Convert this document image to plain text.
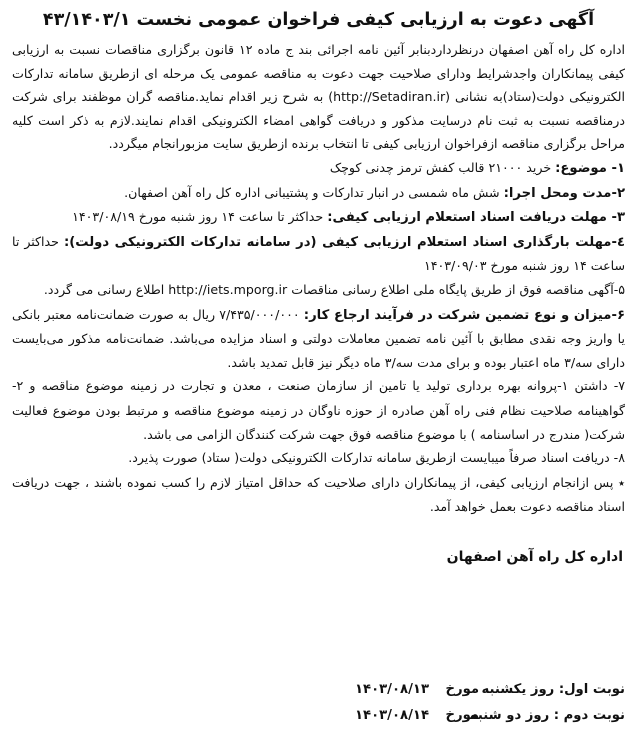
آگهی دعوت به ارزیابی کیفی فراخوان عمومی نخست ۴۳/۱۴۰۳/۱

اداره کل راه آهن اصفهان درنظرداردبنابر آئین نامه اجرائی بند ج ماده ۱۲ قانون برگزاری مناقصات نسبت به ارزیابی کیفی پیمانکاران واجدشرایط ودارای صلاحیت جهت دعوت به مناقصه عمومی یک مرحله ای ازطریق سامانه تدارکات الکترونیکی دولت(ستاد)به نشانی (http://Setadiran.ir) به شرح زیر اقدام نماید.مناقصه گران موظفند برای شرکت درمناقصه نسبت به ثبت نام درسایت مذکور و دریافت گواهی امضاء الکترونیکی اقدام نمایند.لازم به ذکر است کلیه مراحل برگزاری مناقصه ازفراخوان ارزیابی کیفی تا انتخاب برنده ازطریق سایت مزبورانجام میگردد.

۱- موضوع: خرید ۲۱۰۰۰ قالب کفش ترمز چدنی کوچک

۲-مدت ومحل اجرا: شش ماه شمسی در انبار تدارکات و پشتیبانی اداره کل راه آهن اصفهان.

۳- مهلت دریافت اسناد استعلام ارزیابی کیفی: حداکثر تا ساعت ۱۴ روز شنبه مورخ ۱۴۰۳/۰۸/۱۹

٤-مهلت بارگذاری اسناد استعلام ارزیابی کیفی (در سامانه تدارکات الکترونیکی دولت): حداکثر تا ساعت ۱۴ روز شنبه مورخ ۱۴۰۳/۰۹/۰۳

۵-آگهی مناقصه فوق از طریق پایگاه ملی اطلاع رسانی مناقصات http://iets.mporg.ir اطلاع رسانی می گردد.

۶-میزان و نوع تضمین شرکت در فرآیند ارجاع کار: ۷/۴۳۵/۰۰۰/۰۰۰ ریال به صورت ضمانت‌نامه معتبر بانکی یا واریز وجه نقدی مطابق با آئین نامه تضمین معاملات دولتی و اسناد مزایده می‌باشد. ضمانت‌نامه مذکور می‌بایست دارای سه/۳ ماه اعتبار بوده و برای مدت سه/۳ ماه دیگر نیز قابل تمدید باشد.

۷- داشتن ۱-پروانه بهره برداری تولید یا تامین از سازمان صنعت ، معدن و تجارت در زمینه موضوع مناقصه و ۲-گواهینامه صلاحیت نظام فنی راه آهن صادره از حوزه ناوگان در زمینه موضوع مناقصه و مرتبط بودن موضوع فعالیت شرکت( مندرج در اساسنامه ) با موضوع مناقصه فوق جهت شرکت کنندگان الزامی می باشد.

۸- دریافت اسناد صرفاً میبایست ازطریق سامانه تدارکات الکترونیکی دولت( ستاد) صورت پذیرد.

٭ پس ازانجام ارزیابی کیفی، از پیمانکاران دارای صلاحیت که حداقل امتیاز لازم را کسب نموده باشند ، جهت دریافت اسناد مناقصه دعوت بعمل خواهد آمد.

اداره کل راه آهن اصفهان
نوبت اول: روز یکشنبه
مورخ
۱۴۰۳/۰۸/۱۳
نوبت دوم : روز دو شنبه
مورخ
۱۴۰۳/۰۸/۱۴
